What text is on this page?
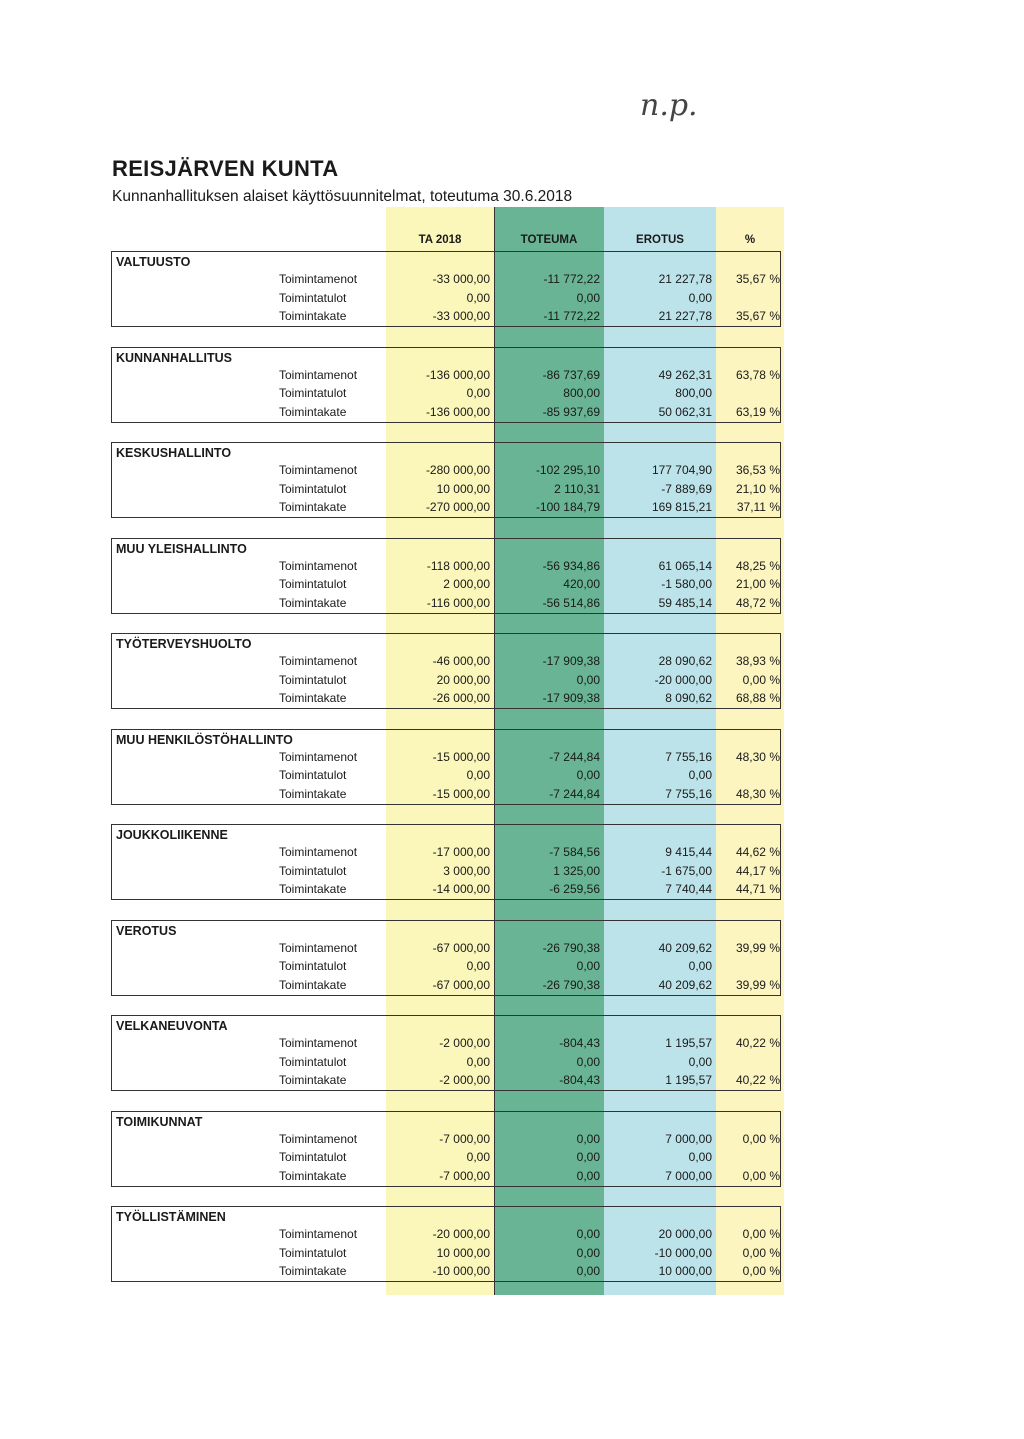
n.p.
REISJÄRVEN KUNTA
Kunnanhallituksen alaiset käyttösuunnitelmat, toteutuma 30.6.2018
TA 2018	TOTEUMA	EROTUS	%
VALTUUSTO
Toimintamenot	-33 000,00	-11 772,22	21 227,78	35,67 %
Toimintatulot	0,00	0,00	0,00
Toimintakate	-33 000,00	-11 772,22	21 227,78	35,67 %
KUNNANHALLITUS
Toimintamenot	-136 000,00	-86 737,69	49 262,31	63,78 %
Toimintatulot	0,00	800,00	800,00
Toimintakate	-136 000,00	-85 937,69	50 062,31	63,19 %
KESKUSHALLINTO
Toimintamenot	-280 000,00	-102 295,10	177 704,90	36,53 %
Toimintatulot	10 000,00	2 110,31	-7 889,69	21,10 %
Toimintakate	-270 000,00	-100 184,79	169 815,21	37,11 %
MUU YLEISHALLINTO
Toimintamenot	-118 000,00	-56 934,86	61 065,14	48,25 %
Toimintatulot	2 000,00	420,00	-1 580,00	21,00 %
Toimintakate	-116 000,00	-56 514,86	59 485,14	48,72 %
TYÖTERVEYSHUOLTO
Toimintamenot	-46 000,00	-17 909,38	28 090,62	38,93 %
Toimintatulot	20 000,00	0,00	-20 000,00	0,00 %
Toimintakate	-26 000,00	-17 909,38	8 090,62	68,88 %
MUU HENKILÖSTÖHALLINTO
Toimintamenot	-15 000,00	-7 244,84	7 755,16	48,30 %
Toimintatulot	0,00	0,00	0,00
Toimintakate	-15 000,00	-7 244,84	7 755,16	48,30 %
JOUKKOLIIKENNE
Toimintamenot	-17 000,00	-7 584,56	9 415,44	44,62 %
Toimintatulot	3 000,00	1 325,00	-1 675,00	44,17 %
Toimintakate	-14 000,00	-6 259,56	7 740,44	44,71 %
VEROTUS
Toimintamenot	-67 000,00	-26 790,38	40 209,62	39,99 %
Toimintatulot	0,00	0,00	0,00
Toimintakate	-67 000,00	-26 790,38	40 209,62	39,99 %
VELKANEUVONTA
Toimintamenot	-2 000,00	-804,43	1 195,57	40,22 %
Toimintatulot	0,00	0,00	0,00
Toimintakate	-2 000,00	-804,43	1 195,57	40,22 %
TOIMIKUNNAT
Toimintamenot	-7 000,00	0,00	7 000,00	0,00 %
Toimintatulot	0,00	0,00	0,00
Toimintakate	-7 000,00	0,00	7 000,00	0,00 %
TYÖLLISTÄMINEN
Toimintamenot	-20 000,00	0,00	20 000,00	0,00 %
Toimintatulot	10 000,00	0,00	-10 000,00	0,00 %
Toimintakate	-10 000,00	0,00	10 000,00	0,00 %
